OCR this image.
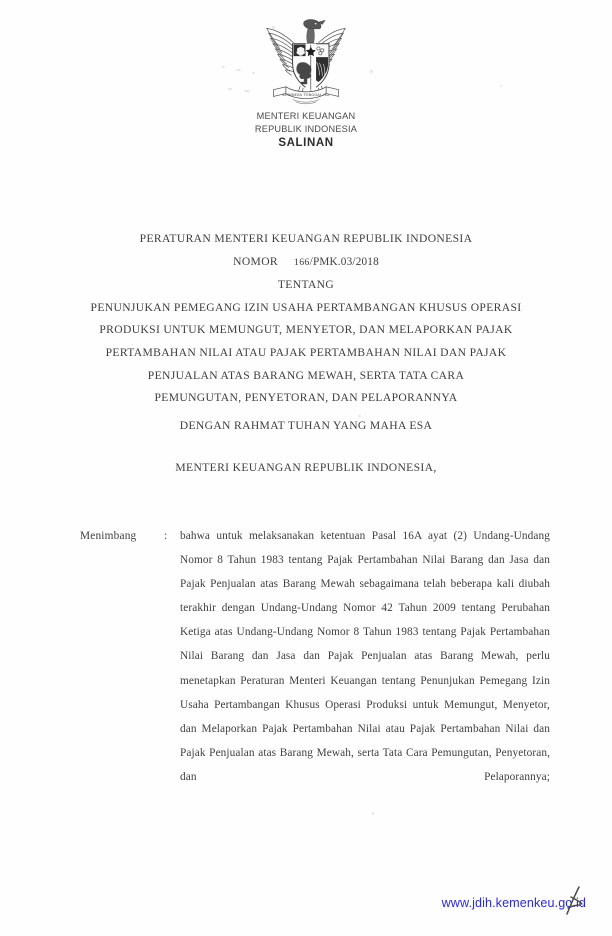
BHINNEKA TUNGGAL IKA
MENTERI KEUANGAN
REPUBLIK INDONESIA
SALINAN
PERATURAN MENTERI KEUANGAN REPUBLIK INDONESIA
NOMOR 166/PMK.03/2018
TENTANG
PENUNJUKAN PEMEGANG IZIN USAHA PERTAMBANGAN KHUSUS OPERASI
PRODUKSI UNTUK MEMUNGUT, MENYETOR, DAN MELAPORKAN PAJAK
PERTAMBAHAN NILAI ATAU PAJAK PERTAMBAHAN NILAI DAN PAJAK
PENJUALAN ATAS BARANG MEWAH, SERTA TATA CARA
PEMUNGUTAN, PENYETORAN, DAN PELAPORANNYA
DENGAN RAHMAT TUHAN YANG MAHA ESA
MENTERI KEUANGAN REPUBLIK INDONESIA,
Menimbang	:	bahwa untuk melaksanakan ketentuan Pasal 16A ayat (2) Undang-Undang Nomor 8 Tahun 1983 tentang Pajak Pertambahan Nilai Barang dan Jasa dan Pajak Penjualan atas Barang Mewah sebagaimana telah beberapa kali diubah terakhir dengan Undang-Undang Nomor 42 Tahun 2009 tentang Perubahan Ketiga atas Undang-Undang Nomor 8 Tahun 1983 tentang Pajak Pertambahan Nilai Barang dan Jasa dan Pajak Penjualan atas Barang Mewah, perlu menetapkan Peraturan Menteri Keuangan tentang Penunjukan Pemegang Izin Usaha Pertambangan Khusus Operasi Produksi untuk Memungut, Menyetor, dan Melaporkan Pajak Pertambahan Nilai atau Pajak Pertambahan Nilai dan Pajak Penjualan atas Barang Mewah, serta Tata Cara Pemungutan, Penyetoran, dan Pelaporannya;
www.jdih.kemenkeu.go.id
